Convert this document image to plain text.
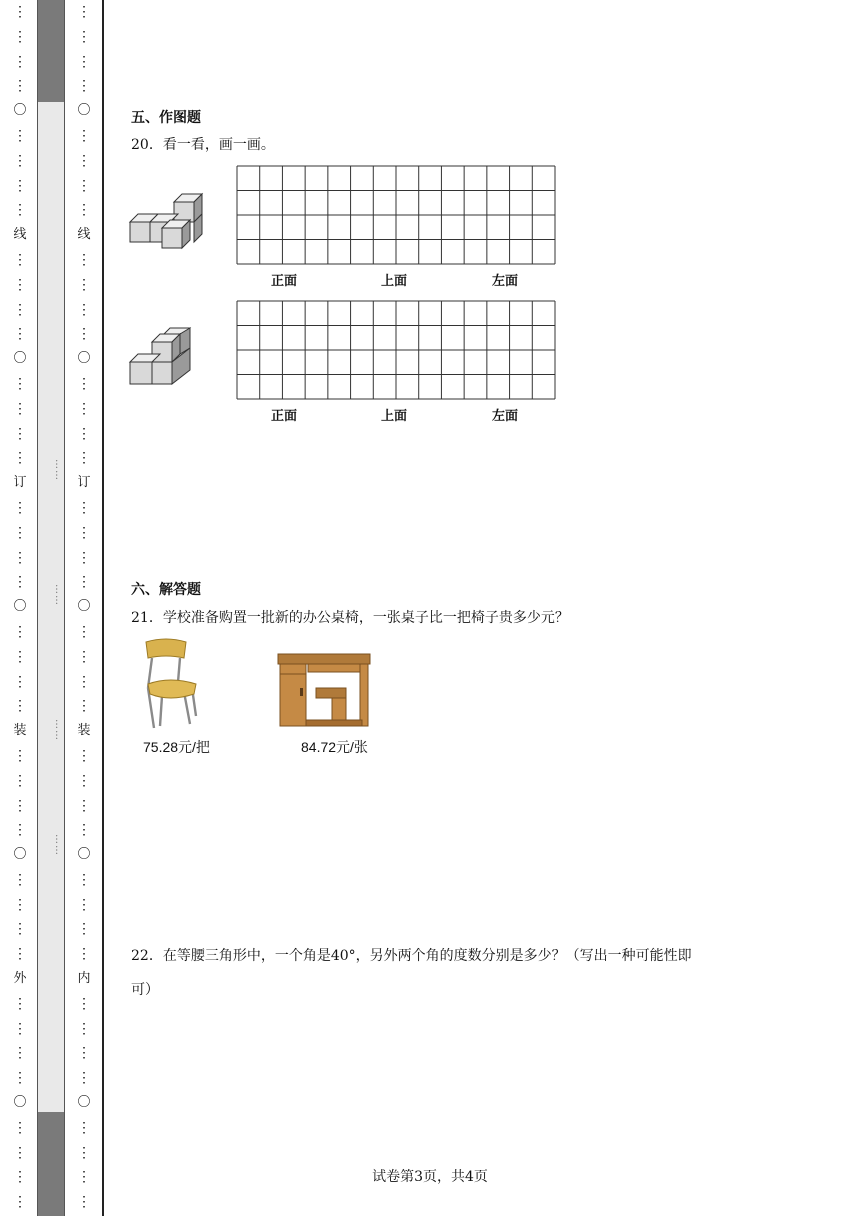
⋮
⋮
⋮
⋮
〇
⋮
⋮
⋮
⋮
线
⋮
⋮
⋮
⋮
〇
⋮
⋮
⋮
⋮
订
⋮
⋮
⋮
⋮
〇
⋮
⋮
⋮
⋮
装
⋮
⋮
⋮
⋮
〇
⋮
⋮
⋮
⋮
外
⋮
⋮
⋮
⋮
〇
⋮
⋮
⋮
⋮
……
……
……
……
⋮
⋮
⋮
⋮
〇
⋮
⋮
⋮
⋮
线
⋮
⋮
⋮
⋮
〇
⋮
⋮
⋮
⋮
订
⋮
⋮
⋮
⋮
〇
⋮
⋮
⋮
⋮
装
⋮
⋮
⋮
⋮
〇
⋮
⋮
⋮
⋮
内
⋮
⋮
⋮
⋮
〇
⋮
⋮
⋮
⋮
五、作图题
20．看一看，画一画。
正面	上面	左面
正面	上面	左面
六、解答题
21．学校准备购置一批新的办公桌椅，一张桌子比一把椅子贵多少元？
75.28元/把	84.72元/张
22．在等腰三角形中，一个角是40°，另外两个角的度数分别是多少？（写出一种可能性即
可）
试卷第3页，共4页
